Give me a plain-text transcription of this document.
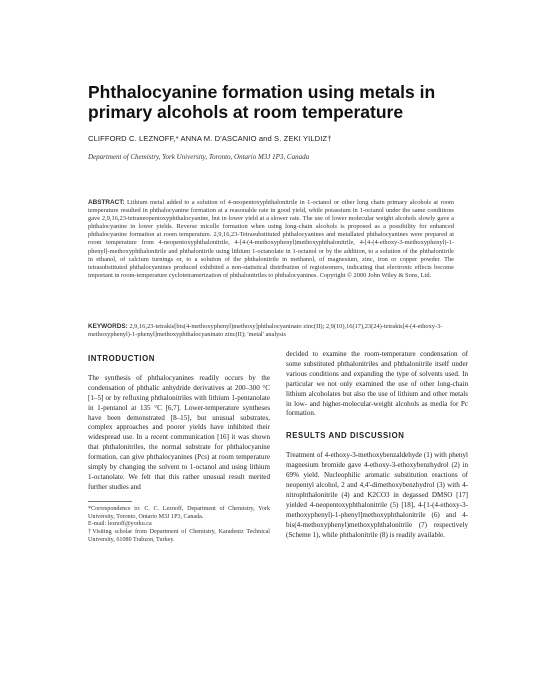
Phthalocyanine formation using metals in primary alcohols at room temperature
CLIFFORD C. LEZNOFF,* ANNA M. D'ASCANIO and S. ZEKI YILDIZ†
Department of Chemistry, York University, Toronto, Ontario M3J 1P3, Canada
ABSTRACT: Lithium metal added to a solution of 4-neopentoxyphthalonitrile in 1-octanol or other long chain primary alcohols at room temperature resulted in phthalocyanine formation at a reasonable rate in good yield, while potassium in 1-octanol under the same conditions gave 2,9,16,23-tetraneopentoxyphthalocyanine, but in lower yield at a slower rate. The use of lower molecular weight alcohols slowly gave a phthalocyanine in lower yields. Reverse micelle formation when using long-chain alcohols is proposed as a possibility for enhanced phthalocyanine formation at room temperature. 2,9,16,23-Tetrasubstituted phthalocyanines and metallated phthalocyanines were prepared at room temperature from 4-neopentoxyphthalonitrile, 4-[4-(4-methoxyphenyl)methoxyphthalonitrile, 4-[4-(4-ethoxy-3-methoxyphenyl)-1-phenyl]-methoxyphthalonitrile and phthalonitrile using lithium 1-octanolate in 1-octanol or by the addition, to a solution of the phthalonitrile in ethanol, of calcium turnings or, to a solution of the phthalonitrile in methanol, of magnesium, zinc, iron or copper powder. The tetrasubstituted phthalocyanines produced exhibited a non-statistical distribution of regioisomers, indicating that electronic effects become important in room-temperature cyclotetramerization of phthalonitriles to phthalocyanines. Copyright © 2000 John Wiley & Sons, Ltd.
KEYWORDS: 2,9,16,23-tetrakis[bis(4-methoxyphenyl)methoxy]phthalocyaninato zinc(II); 2,9(10),16(17),23(24)-tetrakis[4-(4-ethoxy-3-methoxyphenyl)-1-phenyl]methoxyphthalocyaninato zinc(II); 'metal' analysis
INTRODUCTION

The synthesis of phthalocyanines readily occurs by the condensation of phthalic anhydride derivatives at 200–300 °C [1–5] or by refluxing phthalonitriles with lithium 1-pentanolate in 1-pentanol at 135 °C [6,7]. Lower-temperature syntheses have been demonstrated [8–15], but unusual substrates, complex approaches and poorer yields have inhibited their widespread use. In a recent communication [16] it was shown that phthalonitriles, the normal substrate for phthalocyanine formation, can give phthalocyanines (Pcs) at room temperature simply by changing the solvent to 1-octanol and using lithium 1-octanolate. We felt that this rather unusual result merited further studies and

*Correspondence to: C. C. Leznoff, Department of Chemistry, York University, Toronto, Ontario M3J 1P3, Canada.

E-mail: leznoff@yorku.ca

†Visiting scholar from Department of Chemistry, Karadeniz Technical University, 61080 Trabzon, Turkey.

decided to examine the room-temperature condensation of some substituted phthalonitriles and phthalonitrile itself under various conditions and expanding the type of solvents used. In particular we not only examined the use of other long-chain lithium alcoholates but also the use of lithium and other metals in low- and higher-molecular-weight alcohols as media for Pc formation.

RESULTS AND DISCUSSION

Treatment of 4-ethoxy-3-methoxybenzaldehyde (1) with phenyl magnesium bromide gave 4-ethoxy-3-ethoxybenzhydrol (2) in 69% yield. Nucleophilic aromatic substitution reactions of neopentyl alcohol, 2 and 4,4'-dimethoxybenzhydrol (3) with 4-nitrophthalonitrile (4) and K2CO3 in degassed DMSO [17] yielded 4-neopentoxyphthalonitrile (5) [18], 4-[1-(4-ethoxy-3-methoxyphenyl)-1-phenyl]methoxyphthalonitrile (6) and 4-bis(4-methoxyphenyl)methoxyphthalonitrile (7) respectively (Scheme 1), while phthalonitrile (8) is readily available.
